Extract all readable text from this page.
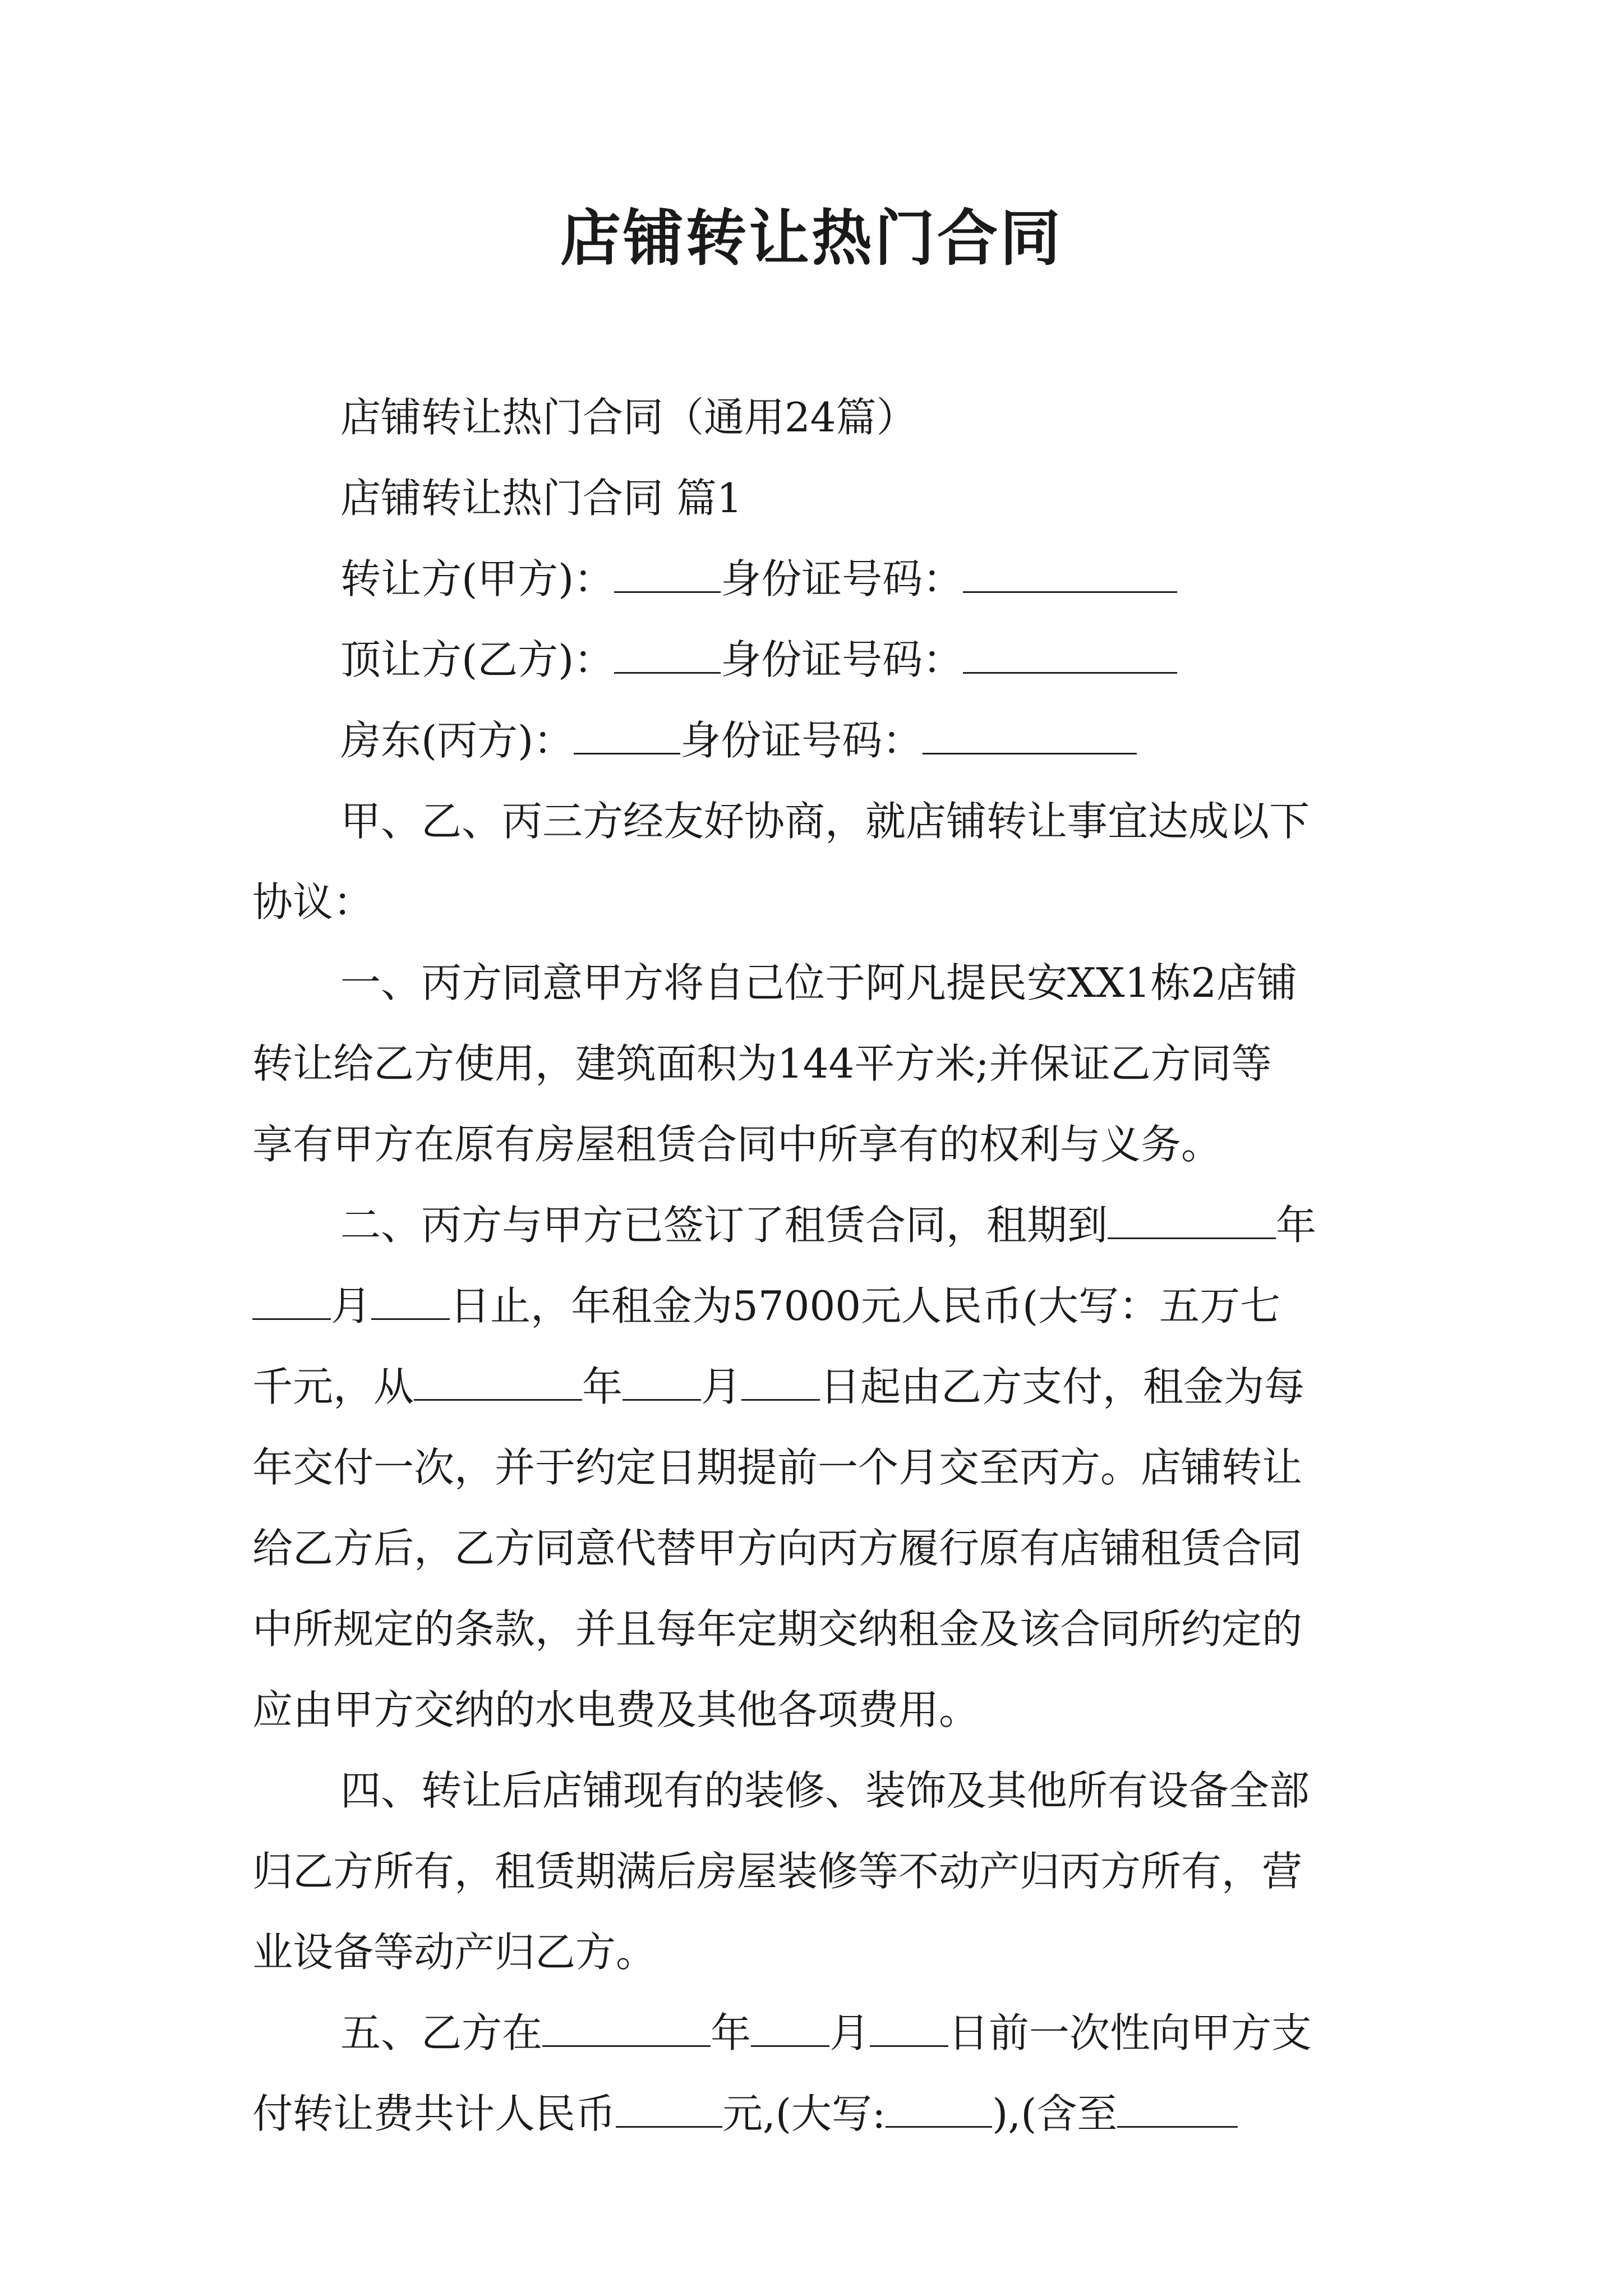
店铺转让热门合同
店铺转让热门合同（通用24篇）
店铺转让热门合同 篇1
转让方(甲方)：	身份证号码：
顶让方(乙方)：	身份证号码：
房东(丙方)：	身份证号码：
甲、乙、丙三方经友好协商，就店铺转让事宜达成以下
协议：
一、丙方同意甲方将自己位于阿凡提民安XX1栋2店铺
转让给乙方使用，建筑面积为144平方米;并保证乙方同等
享有甲方在原有房屋租赁合同中所享有的权利与义务。
二、丙方与甲方已签订了租赁合同，租期到	年
月 日止，年租金为57000元人民币(大写：五万七
千元，从	年 月 日起由乙方支付，租金为每
年交付一次，并于约定日期提前一个月交至丙方。店铺转让
给乙方后，乙方同意代替甲方向丙方履行原有店铺租赁合同
中所规定的条款，并且每年定期交纳租金及该合同所约定的
应由甲方交纳的水电费及其他各项费用。
四、转让后店铺现有的装修、装饰及其他所有设备全部
归乙方所有，租赁期满后房屋装修等不动产归丙方所有，营
业设备等动产归乙方。
五、乙方在	年 月 日前一次性向甲方支
付转让费共计人民币	元,(大写:	),(含至
